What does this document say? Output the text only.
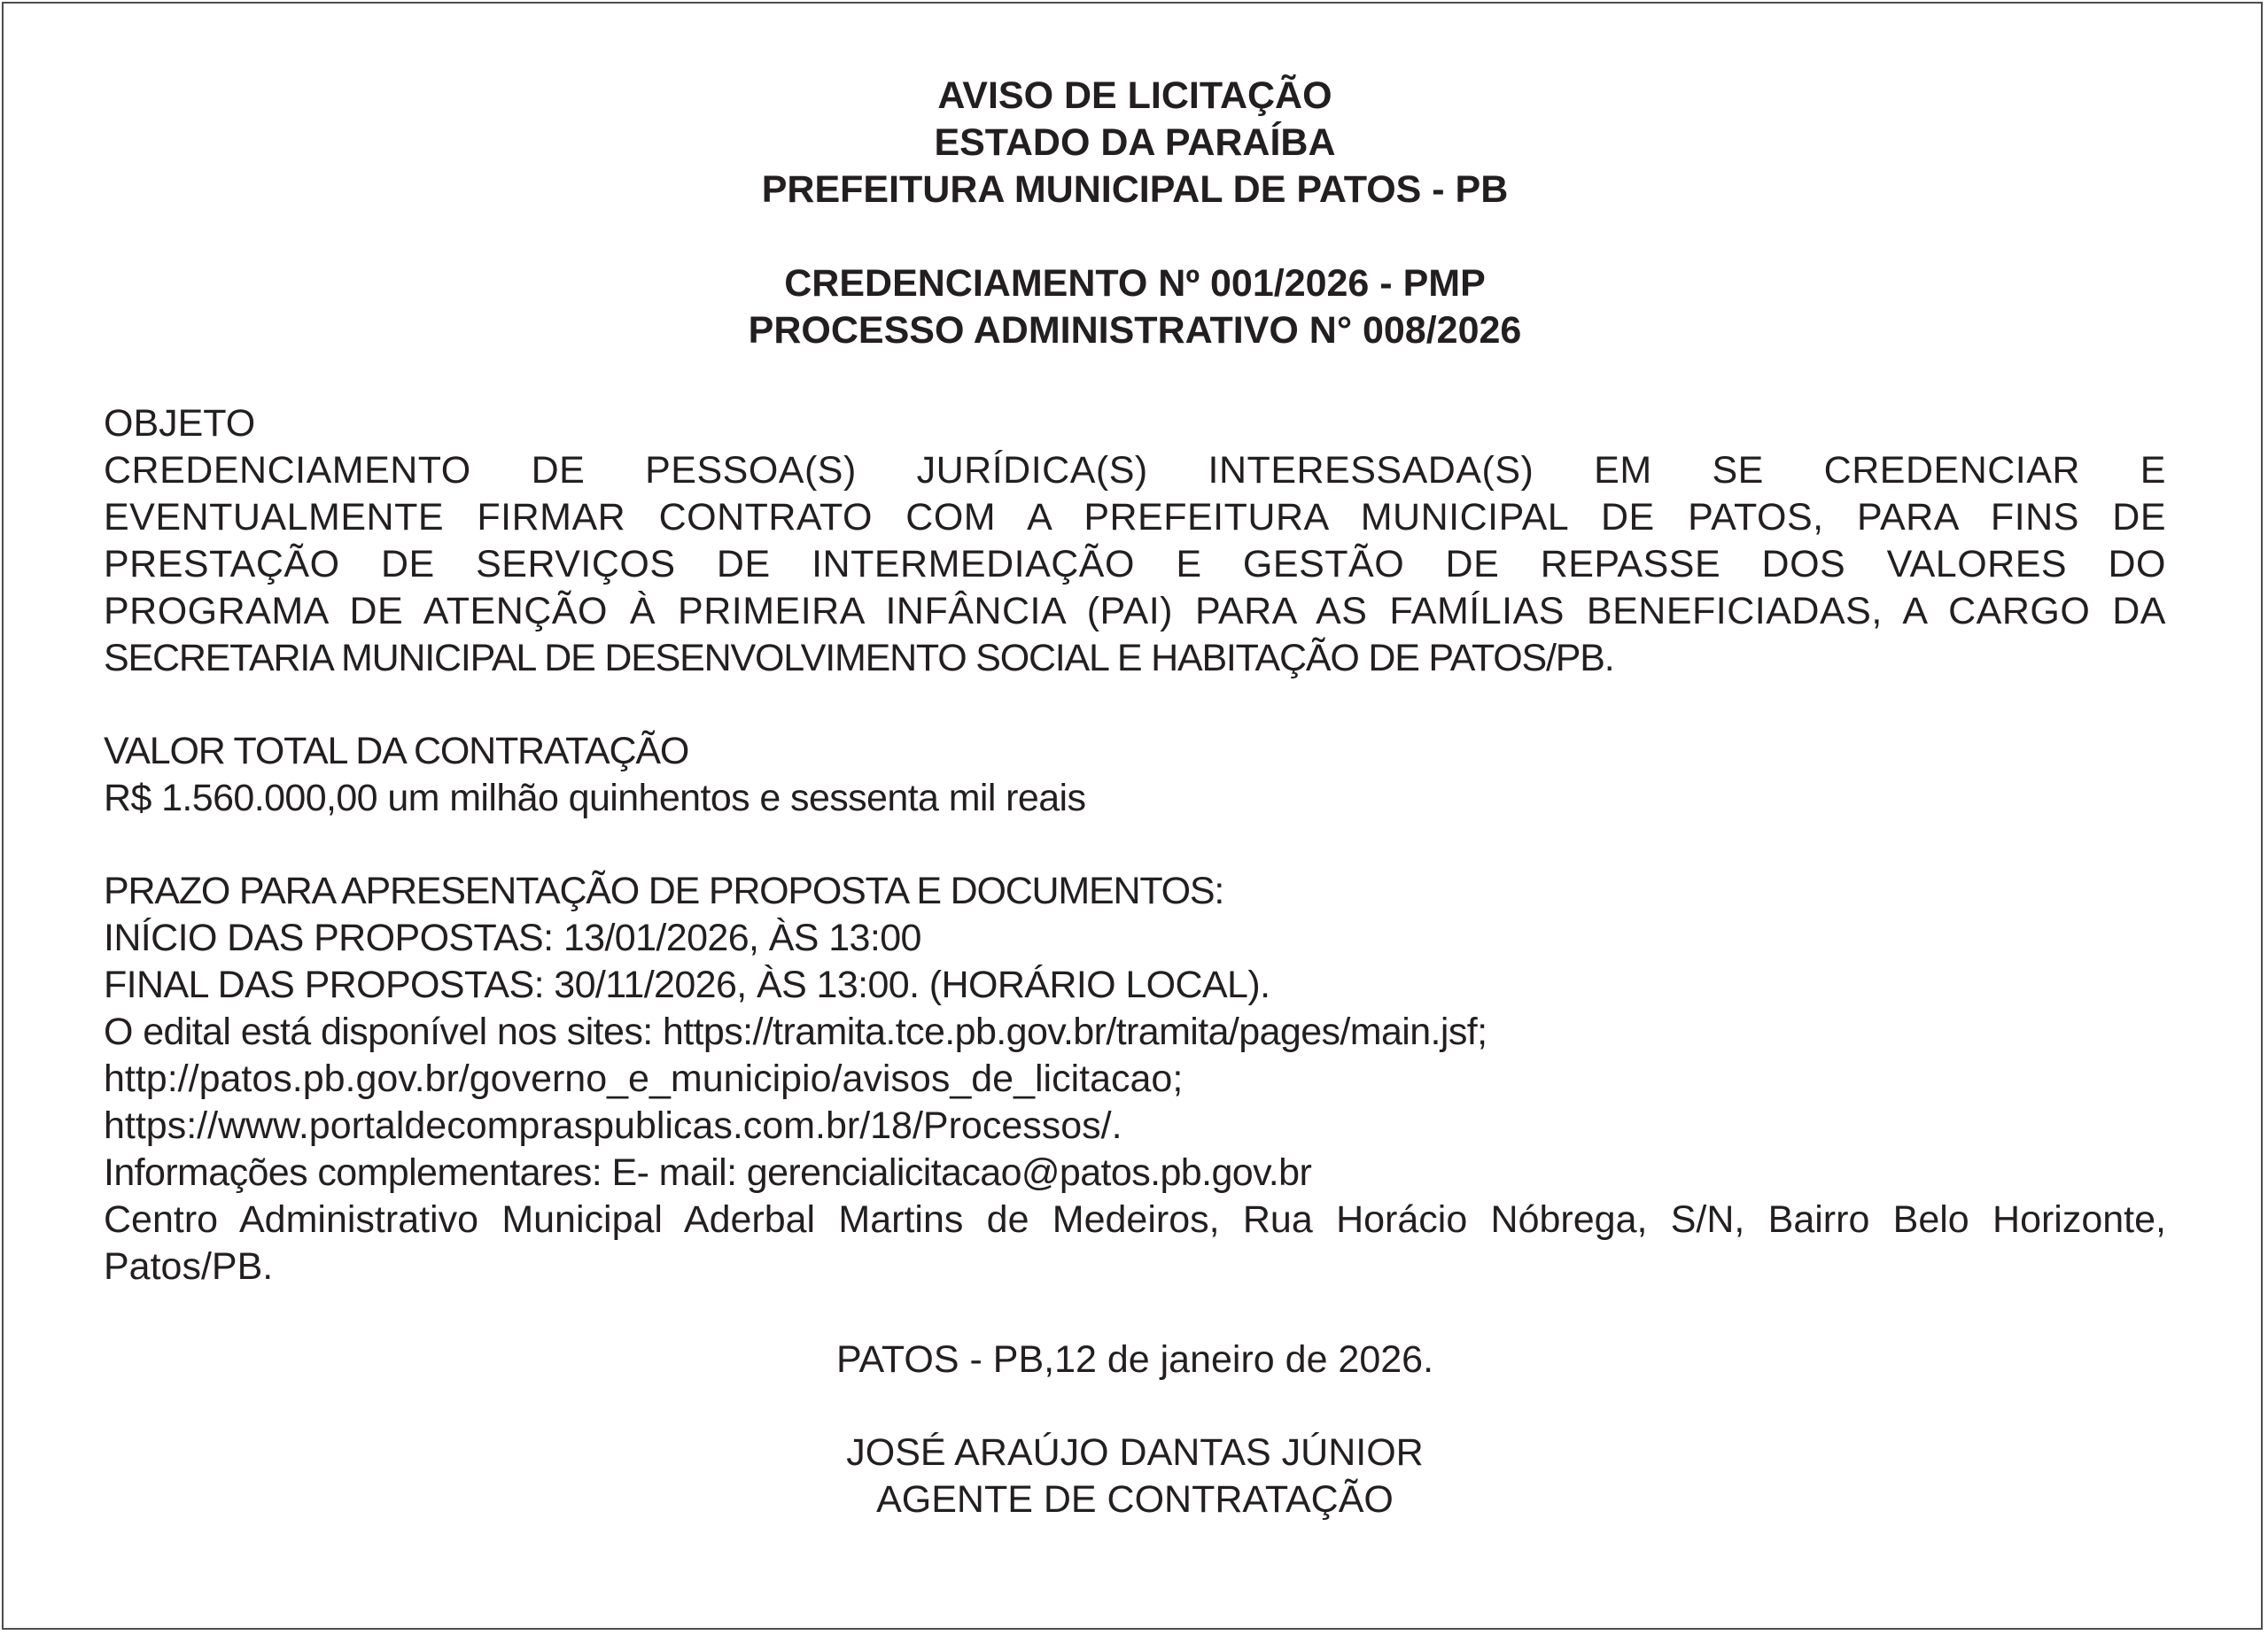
AVISO DE LICITAÇÃO
ESTADO DA PARAÍBA
PREFEITURA MUNICIPAL DE PATOS - PB
CREDENCIAMENTO Nº 001/2026 - PMP
PROCESSO ADMINISTRATIVO N° 008/2026
OBJETO
CREDENCIAMENTO DE PESSOA(S) JURÍDICA(S) INTERESSADA(S) EM SE CREDENCIAR E
EVENTUALMENTE FIRMAR CONTRATO COM A PREFEITURA MUNICIPAL DE PATOS, PARA FINS DE
PRESTAÇÃO DE SERVIÇOS DE INTERMEDIAÇÃO E GESTÃO DE REPASSE DOS VALORES DO
PROGRAMA DE ATENÇÃO À PRIMEIRA INFÂNCIA (PAI) PARA AS FAMÍLIAS BENEFICIADAS, A CARGO DA
SECRETARIA MUNICIPAL DE DESENVOLVIMENTO SOCIAL E HABITAÇÃO DE PATOS/PB.
VALOR TOTAL DA CONTRATAÇÃO
R$ 1.560.000,00 um milhão quinhentos e sessenta mil reais
PRAZO PARA APRESENTAÇÃO DE PROPOSTA E DOCUMENTOS:
INÍCIO DAS PROPOSTAS: 13/01/2026, ÀS 13:00
FINAL DAS PROPOSTAS: 30/11/2026, ÀS 13:00. (HORÁRIO LOCAL).
O edital está disponível nos sites: https://tramita.tce.pb.gov.br/tramita/pages/main.jsf;
http://patos.pb.gov.br/governo_e_municipio/avisos_de_licitacao;
https://www.portaldecompraspublicas.com.br/18/Processos/.
Informações complementares: E- mail: gerencialicitacao@patos.pb.gov.br
Centro Administrativo Municipal Aderbal Martins de Medeiros, Rua Horácio Nóbrega, S/N, Bairro Belo Horizonte,
Patos/PB.
PATOS - PB,12 de janeiro de 2026.
JOSÉ ARAÚJO DANTAS JÚNIOR
AGENTE DE CONTRATAÇÃO
